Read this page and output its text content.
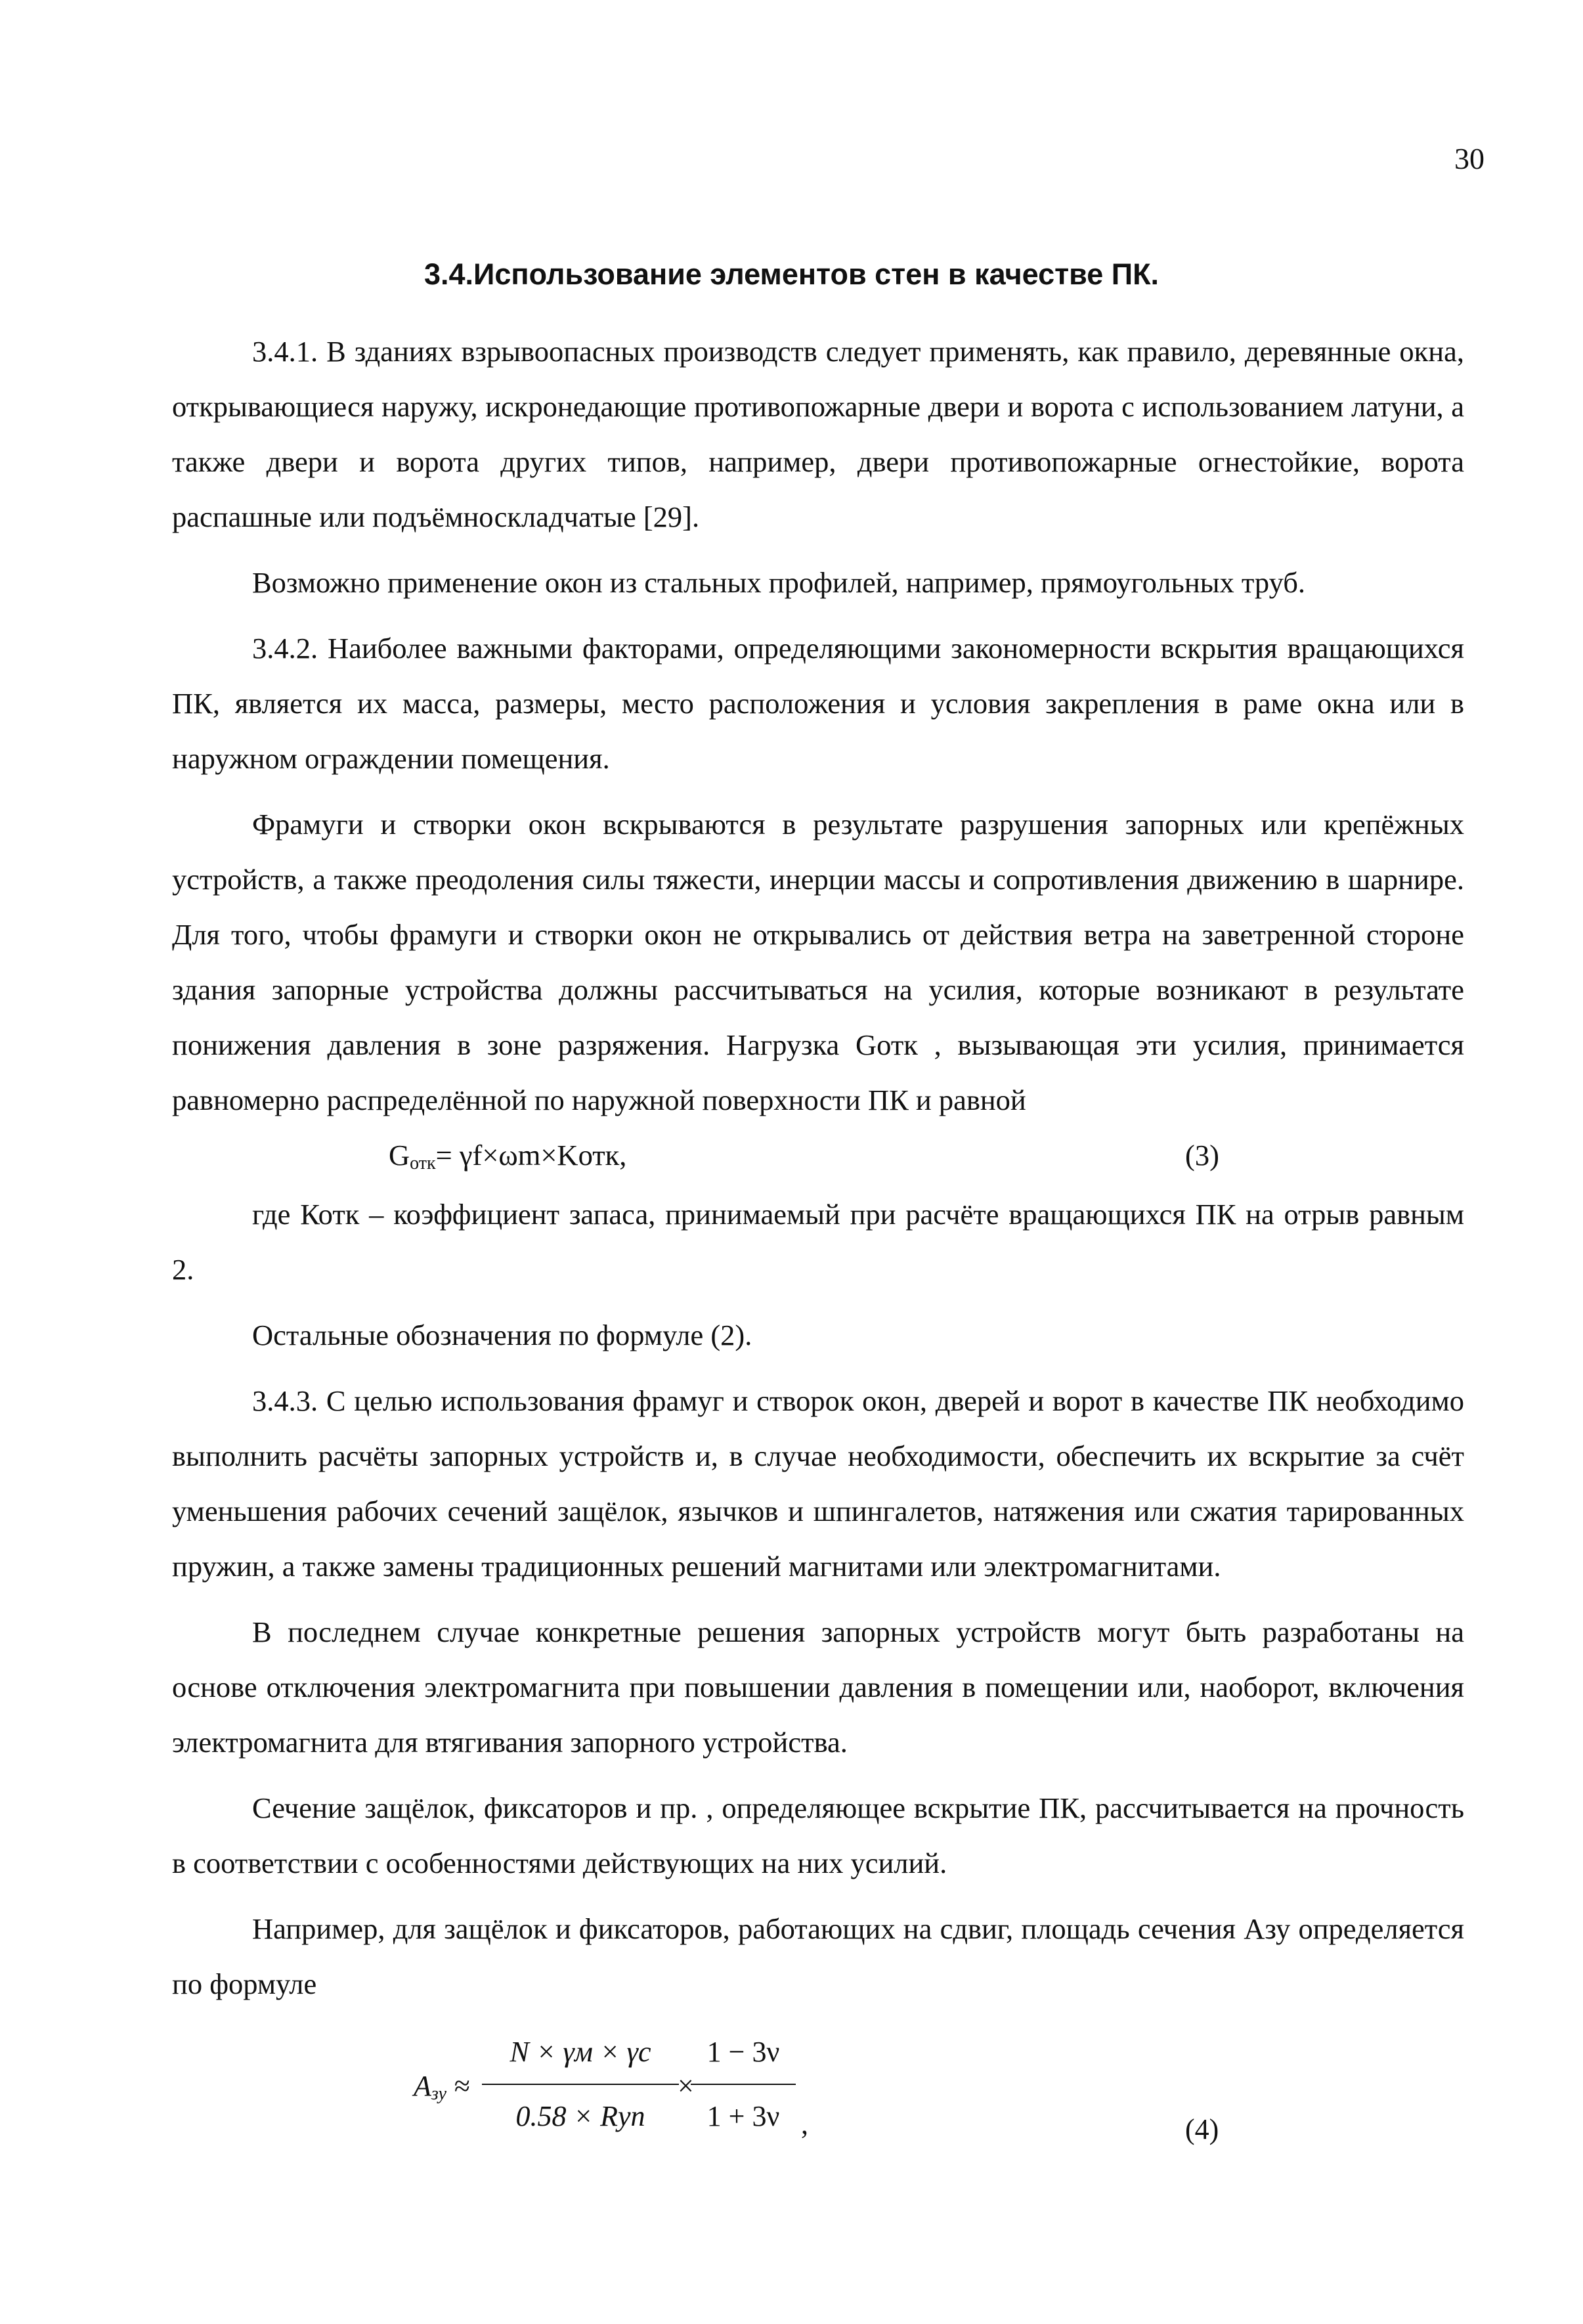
30
3.4.Использование элементов стен в качестве ПК.

3.4.1. В зданиях взрывоопасных производств следует применять, как правило, деревянные окна, открывающиеся наружу, искронедающие противопожарные двери и ворота с использованием латуни, а также двери и ворота других типов, например, двери противопожарные огнестойкие, ворота распашные или подъёмноскладчатые [29].

Возможно применение окон из стальных профилей, например, прямоугольных труб.

3.4.2. Наиболее важными факторами, определяющими закономерности вскрытия вращающихся ПК, является их масса, размеры, место расположения и условия закрепления в раме окна или в наружном ограждении помещения.

Фрамуги и створки окон вскрываются в результате разрушения запорных или крепёжных устройств, а также преодоления силы тяжести, инерции массы и сопротивления движению в шарнире. Для того, чтобы фрамуги и створки окон не открывались от действия ветра на заветренной стороне здания запорные устройства должны рассчитываться на усилия, которые возникают в результате понижения давления в зоне разряжения. Нагрузка Gотк , вызывающая эти усилия, принимается равномерно распределённой по наружной поверхности ПК и равной

$G_{отк}=$ γf×ωm×Kотк,	(3)

где Котк – коэффициент запаса, принимаемый при расчёте вращающихся ПК на отрыв равным 2.

Остальные обозначения по формуле (2).

3.4.3. С целью использования фрамуг и створок окон, дверей и ворот в качестве ПК необходимо выполнить расчёты запорных устройств и, в случае необходимости, обеспечить их вскрытие за счёт уменьшения рабочих сечений защёлок, язычков и шпингалетов, натяжения или сжатия тарированных пружин, а также замены традиционных решений магнитами или электромагнитами.

В последнем случае конкретные решения запорных устройств могут быть разработаны на основе отключения электромагнита при повышении давления в помещении или, наоборот, включения электромагнита для втягивания запорного устройства.

Сечение защёлок, фиксаторов и пр. , определяющее вскрытие ПК, рассчитывается на прочность в соответствии с особенностями действующих на них усилий.

Например, для защёлок и фиксаторов, работающих на сдвиг, площадь сечения Азу определяется по формуле

$A_{зу}$ ≈
N × γм × γc
0.58 × Rуп
×
$\frac{1 - 3\nu}{1 + 3\nu}$ ,	(4)
